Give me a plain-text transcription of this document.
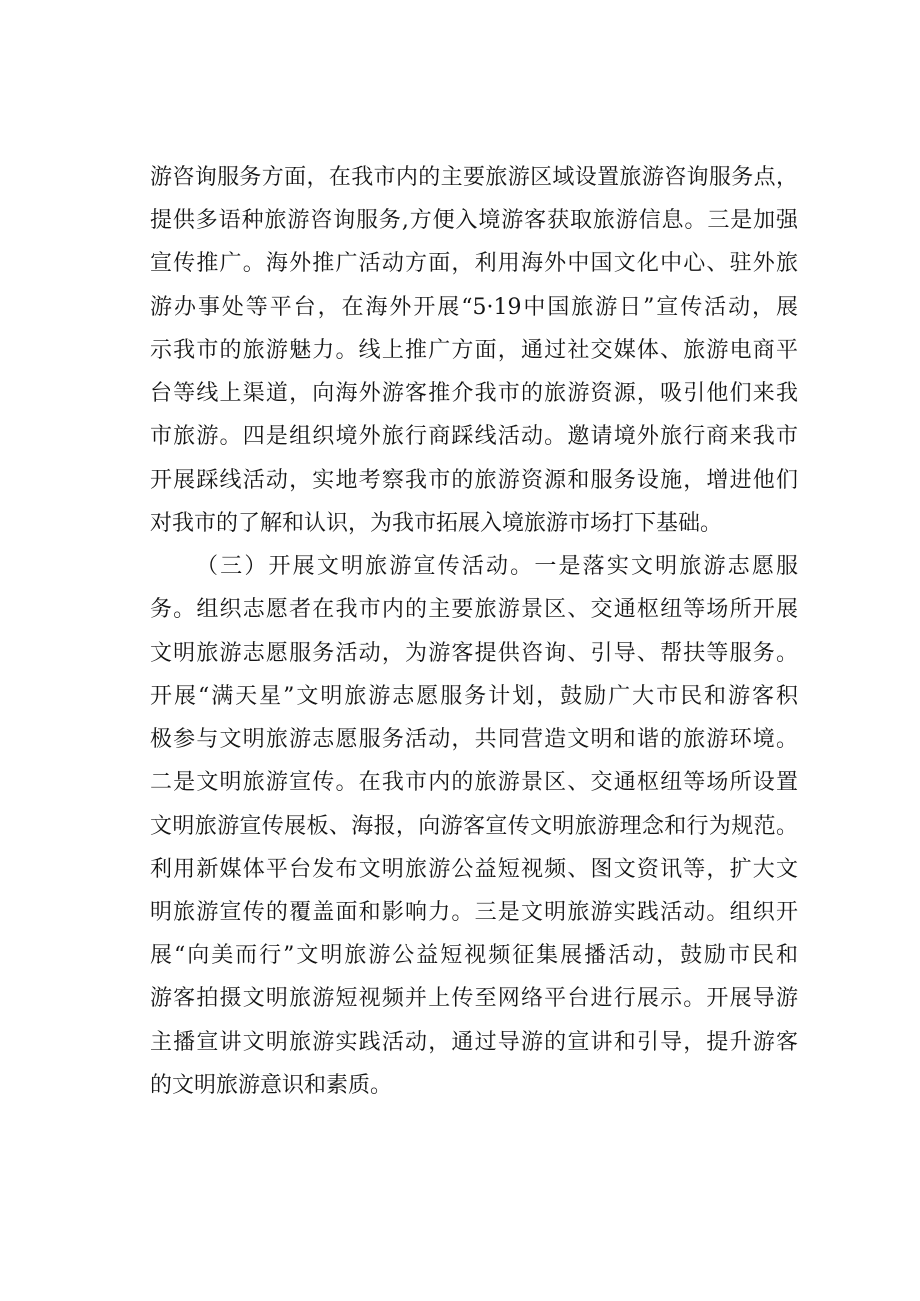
游咨询服务方面，在我市内的主要旅游区域设置旅游咨询服务点，
提供多语种旅游咨询服务,方便入境游客获取旅游信息。三是加强
宣传推广。海外推广活动方面，利用海外中国文化中心、驻外旅
游办事处等平台，在海外开展“5·19中国旅游日”宣传活动，展
示我市的旅游魅力。线上推广方面，通过社交媒体、旅游电商平
台等线上渠道，向海外游客推介我市的旅游资源，吸引他们来我
市旅游。四是组织境外旅行商踩线活动。邀请境外旅行商来我市
开展踩线活动，实地考察我市的旅游资源和服务设施，增进他们
对我市的了解和认识，为我市拓展入境旅游市场打下基础。
（三）开展文明旅游宣传活动。一是落实文明旅游志愿服
务。组织志愿者在我市内的主要旅游景区、交通枢纽等场所开展
文明旅游志愿服务活动，为游客提供咨询、引导、帮扶等服务。
开展“满天星”文明旅游志愿服务计划，鼓励广大市民和游客积
极参与文明旅游志愿服务活动，共同营造文明和谐的旅游环境。
二是文明旅游宣传。在我市内的旅游景区、交通枢纽等场所设置
文明旅游宣传展板、海报，向游客宣传文明旅游理念和行为规范。
利用新媒体平台发布文明旅游公益短视频、图文资讯等，扩大文
明旅游宣传的覆盖面和影响力。三是文明旅游实践活动。组织开
展“向美而行”文明旅游公益短视频征集展播活动，鼓励市民和
游客拍摄文明旅游短视频并上传至网络平台进行展示。开展导游
主播宣讲文明旅游实践活动，通过导游的宣讲和引导，提升游客
的文明旅游意识和素质。
